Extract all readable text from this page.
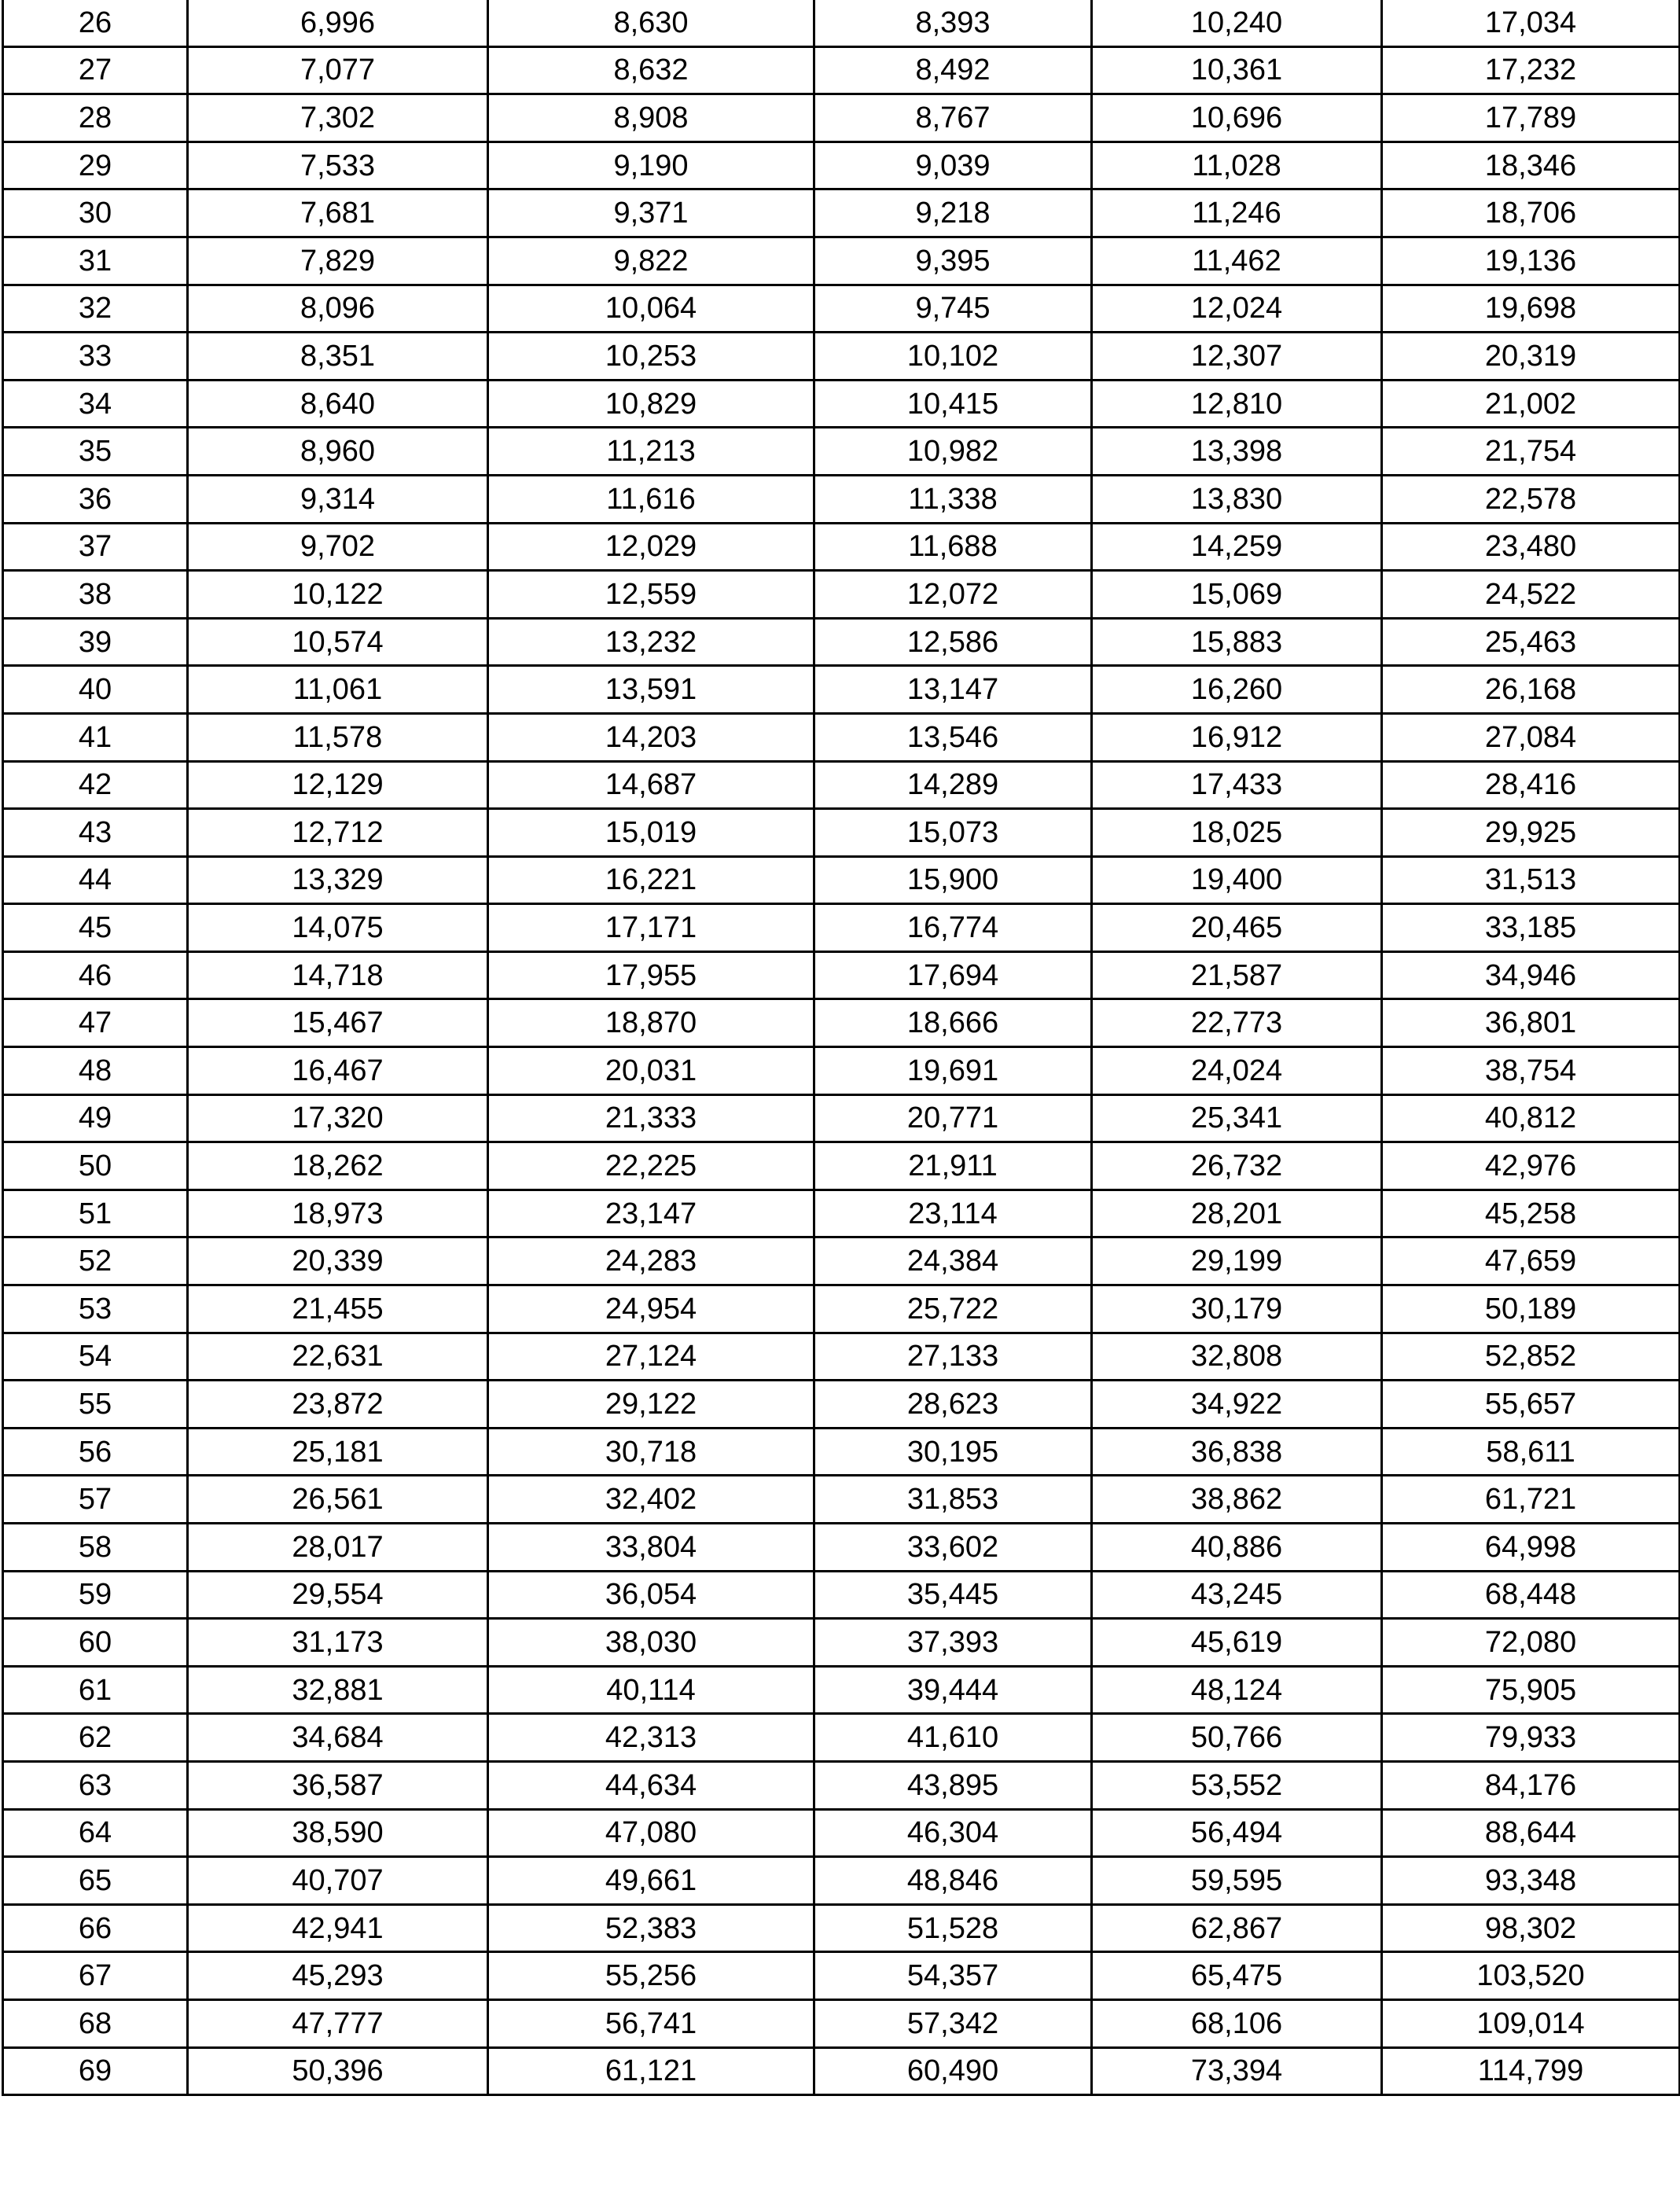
26	6,996	8,630	8,393	10,240	17,034
27	7,077	8,632	8,492	10,361	17,232
28	7,302	8,908	8,767	10,696	17,789
29	7,533	9,190	9,039	11,028	18,346
30	7,681	9,371	9,218	11,246	18,706
31	7,829	9,822	9,395	11,462	19,136
32	8,096	10,064	9,745	12,024	19,698
33	8,351	10,253	10,102	12,307	20,319
34	8,640	10,829	10,415	12,810	21,002
35	8,960	11,213	10,982	13,398	21,754
36	9,314	11,616	11,338	13,830	22,578
37	9,702	12,029	11,688	14,259	23,480
38	10,122	12,559	12,072	15,069	24,522
39	10,574	13,232	12,586	15,883	25,463
40	11,061	13,591	13,147	16,260	26,168
41	11,578	14,203	13,546	16,912	27,084
42	12,129	14,687	14,289	17,433	28,416
43	12,712	15,019	15,073	18,025	29,925
44	13,329	16,221	15,900	19,400	31,513
45	14,075	17,171	16,774	20,465	33,185
46	14,718	17,955	17,694	21,587	34,946
47	15,467	18,870	18,666	22,773	36,801
48	16,467	20,031	19,691	24,024	38,754
49	17,320	21,333	20,771	25,341	40,812
50	18,262	22,225	21,911	26,732	42,976
51	18,973	23,147	23,114	28,201	45,258
52	20,339	24,283	24,384	29,199	47,659
53	21,455	24,954	25,722	30,179	50,189
54	22,631	27,124	27,133	32,808	52,852
55	23,872	29,122	28,623	34,922	55,657
56	25,181	30,718	30,195	36,838	58,611
57	26,561	32,402	31,853	38,862	61,721
58	28,017	33,804	33,602	40,886	64,998
59	29,554	36,054	35,445	43,245	68,448
60	31,173	38,030	37,393	45,619	72,080
61	32,881	40,114	39,444	48,124	75,905
62	34,684	42,313	41,610	50,766	79,933
63	36,587	44,634	43,895	53,552	84,176
64	38,590	47,080	46,304	56,494	88,644
65	40,707	49,661	48,846	59,595	93,348
66	42,941	52,383	51,528	62,867	98,302
67	45,293	55,256	54,357	65,475	103,520
68	47,777	56,741	57,342	68,106	109,014
69	50,396	61,121	60,490	73,394	114,799
